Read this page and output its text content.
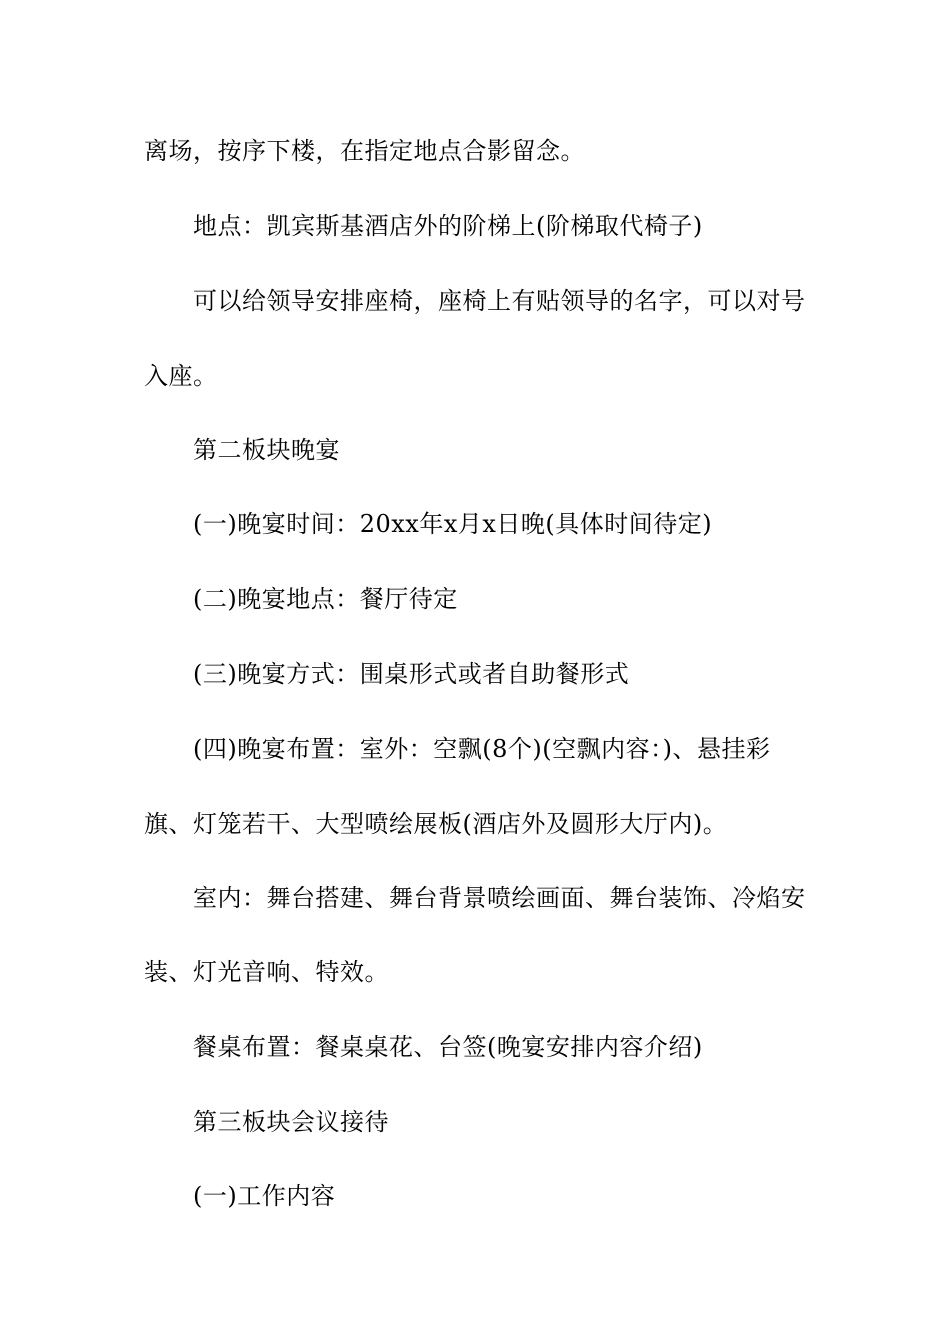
离场，按序下楼，在指定地点合影留念。
地点：凯宾斯基酒店外的阶梯上(阶梯取代椅子)
可以给领导安排座椅，座椅上有贴领导的名字，可以对号
入座。
第二板块晚宴
(一)晚宴时间：20xx年x月x日晚(具体时间待定)
(二)晚宴地点：餐厅待定
(三)晚宴方式：围桌形式或者自助餐形式
(四)晚宴布置：室外：空飘(8个)(空飘内容：)、悬挂彩
旗、灯笼若干、大型喷绘展板(酒店外及圆形大厅内)。
室内：舞台搭建、舞台背景喷绘画面、舞台装饰、冷焰安
装、灯光音响、特效。
餐桌布置：餐桌桌花、台签(晚宴安排内容介绍)
第三板块会议接待
(一)工作内容
